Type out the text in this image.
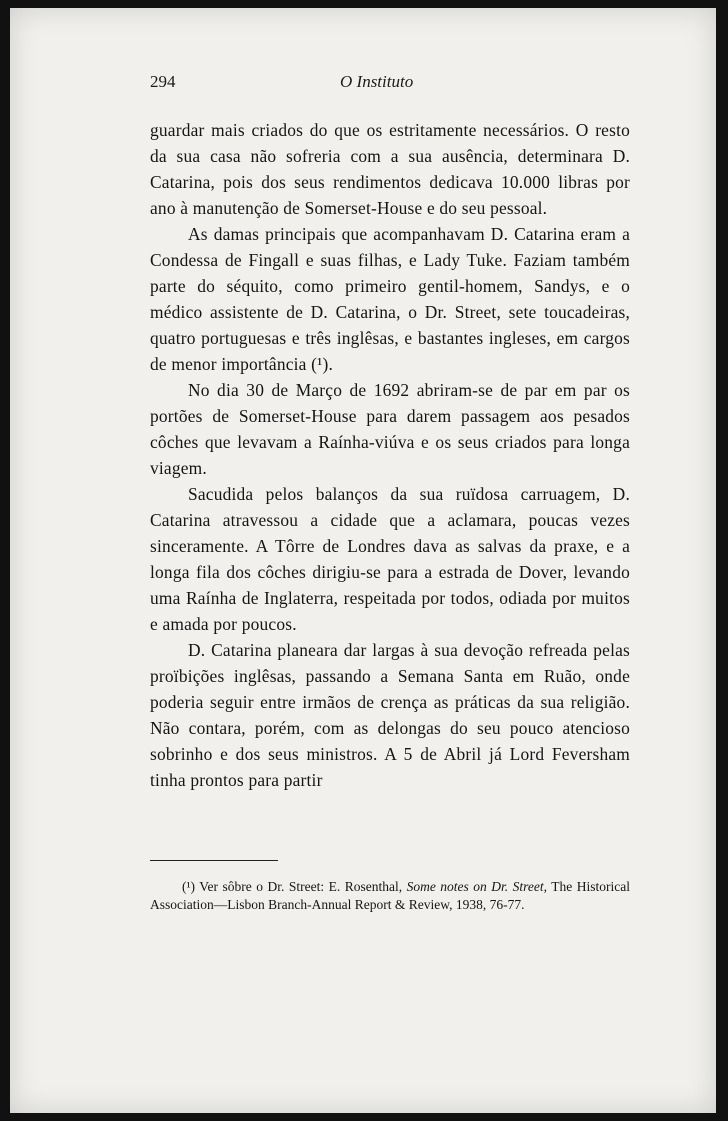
294	O Instituto

guardar mais criados do que os estritamente necessários. O resto da sua casa não sofreria com a sua ausência, determinara D. Catarina, pois dos seus rendimentos dedicava 10.000 libras por ano à manutenção de Somerset-House e do seu pessoal.

As damas principais que acompanhavam D. Catarina eram a Condessa de Fingall e suas filhas, e Lady Tuke. Faziam também parte do séquito, como primeiro gentil-homem, Sandys, e o médico assistente de D. Catarina, o Dr. Street, sete toucadeiras, quatro portuguesas e três inglêsas, e bastantes ingleses, em cargos de menor importância (¹).

No dia 30 de Março de 1692 abriram-se de par em par os portões de Somerset-House para darem passagem aos pesados côches que levavam a Raínha-viúva e os seus criados para longa viagem.

Sacudida pelos balanços da sua ruïdosa carruagem, D. Catarina atravessou a cidade que a aclamara, poucas vezes sinceramente. A Tôrre de Londres dava as salvas da praxe, e a longa fila dos côches dirigiu-se para a estrada de Dover, levando uma Raínha de Inglaterra, respeitada por todos, odiada por muitos e amada por poucos.

D. Catarina planeara dar largas à sua devoção refreada pelas proïbições inglêsas, passando a Semana Santa em Ruão, onde poderia seguir entre irmãos de crença as práticas da sua religião. Não contara, porém, com as delongas do seu pouco atencioso sobrinho e dos seus ministros. A 5 de Abril já Lord Feversham tinha prontos para partir

(¹) Ver sôbre o Dr. Street: E. Rosenthal, Some notes on Dr. Street, The Historical Association—Lisbon Branch-Annual Report & Review, 1938, 76-77.
